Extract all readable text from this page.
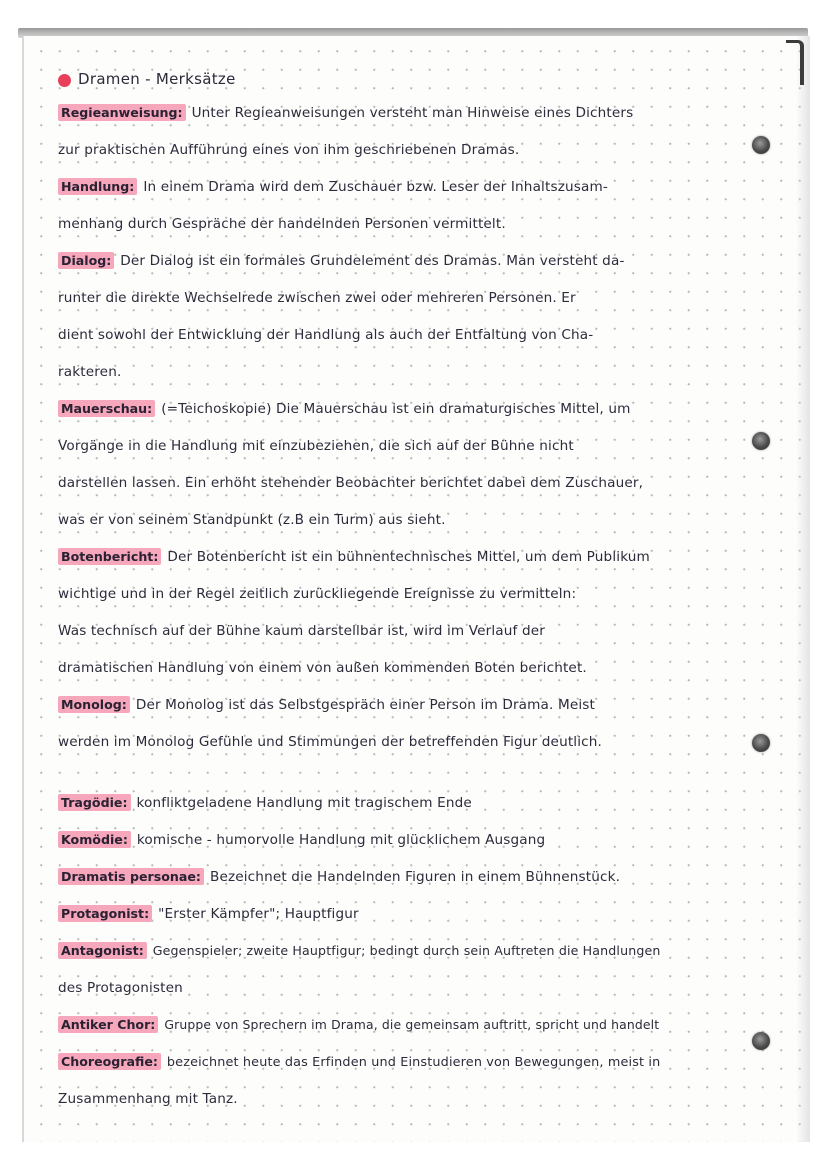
Dramen - Merksätze
Regieanweisung: Unter Regieanweisungen versteht man Hinweise eines Dichters
zur praktischen Aufführung eines von ihm geschriebenen Dramas.
Handlung: In einem Drama wird dem Zuschauer bzw. Leser der Inhaltszusam-
menhang durch Gespräche der handelnden Personen vermittelt.
Dialog: Der Dialog ist ein formales Grundelement des Dramas. Man versteht da-
runter die direkte Wechselrede zwischen zwei oder mehreren Personen. Er
dient sowohl der Entwicklung der Handlung als auch der Entfaltung von Cha-
rakteren.
Mauerschau: (=Teichoskopie) Die Mauerschau ist ein dramaturgisches Mittel, um
Vorgänge in die Handlung mit einzubeziehen, die sich auf der Bühne nicht
darstellen lassen. Ein erhöht stehender Beobachter berichtet dabei dem Zuschauer,
was er von seinem Standpunkt (z.B ein Turm) aus sieht.
Botenbericht: Der Botenbericht ist ein bühnentechnisches Mittel, um dem Publikum
wichtige und in der Regel zeitlich zurückliegende Ereignisse zu vermitteln:
Was technisch auf der Bühne kaum darstellbar ist, wird im Verlauf der
dramatischen Handlung von einem von außen kommenden Boten berichtet.
Monolog: Der Monolog ist das Selbstgespräch einer Person im Drama. Meist
werden im Monolog Gefühle und Stimmungen der betreffenden Figur deutlich.
Tragödie: konfliktgeladene Handlung mit tragischem Ende
Komödie: komische - humorvolle Handlung mit glücklichem Ausgang
Dramatis personae: Bezeichnet die Handelnden Figuren in einem Bühnenstück.
Protagonist: "Erster Kämpfer"; Hauptfigur
Antagonist: Gegenspieler; zweite Hauptfigur; bedingt durch sein Auftreten die Handlungen
des Protagonisten
Antiker Chor: Gruppe von Sprechern im Drama, die gemeinsam auftritt, spricht und handelt
Choreografie: bezeichnet heute das Erfinden und Einstudieren von Bewegungen, meist in
Zusammenhang mit Tanz.
